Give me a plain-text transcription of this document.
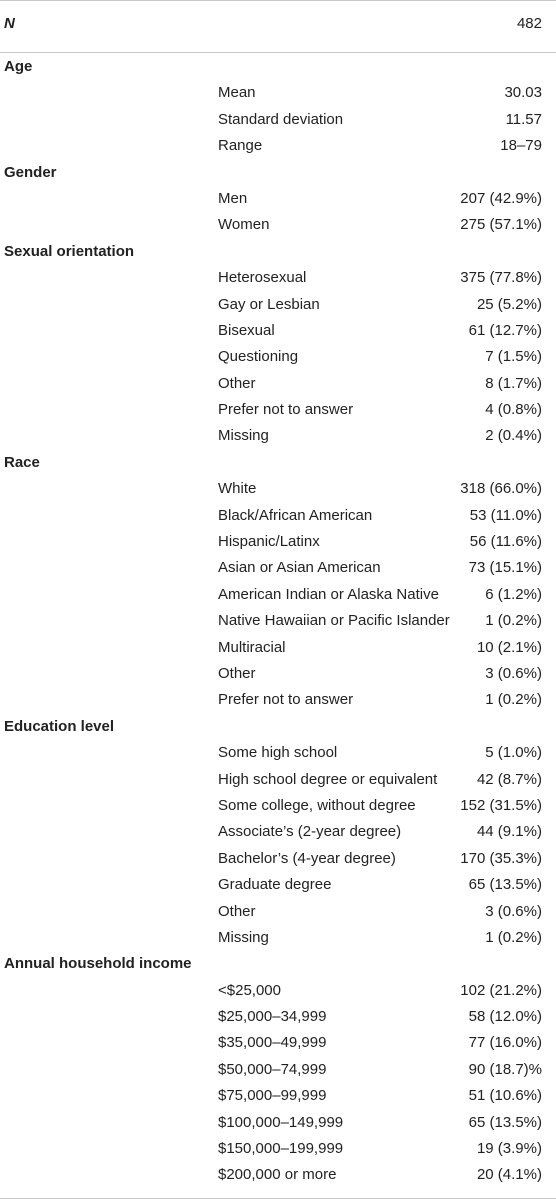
N	482
Age
Mean	30.03
Standard deviation	11.57
Range	18–79
Gender
Men	207 (42.9%)
Women	275 (57.1%)
Sexual orientation
Heterosexual	375 (77.8%)
Gay or Lesbian	25 (5.2%)
Bisexual	61 (12.7%)
Questioning	7 (1.5%)
Other	8 (1.7%)
Prefer not to answer	4 (0.8%)
Missing	2 (0.4%)
Race
White	318 (66.0%)
Black/African American	53 (11.0%)
Hispanic/Latinx	56 (11.6%)
Asian or Asian American	73 (15.1%)
American Indian or Alaska Native	6 (1.2%)
Native Hawaiian or Pacific Islander 1 (0.2%)
Multiracial	10 (2.1%)
Other	3 (0.6%)
Prefer not to answer	1 (0.2%)
Education level
Some high school	5 (1.0%)
High school degree or equivalent	42 (8.7%)
Some college, without degree	152 (31.5%)
Associate’s (2-year degree)	44 (9.1%)
Bachelor’s (4-year degree)	170 (35.3%)
Graduate degree	65 (13.5%)
Other	3 (0.6%)
Missing	1 (0.2%)
Annual household income
<$25,000	102 (21.2%)
$25,000–34,999	58 (12.0%)
$35,000–49,999	77 (16.0%)
$50,000–74,999	90 (18.7)%
$75,000–99,999	51 (10.6%)
$100,000–149,999	65 (13.5%)
$150,000–199,999	19 (3.9%)
$200,000 or more	20 (4.1%)
